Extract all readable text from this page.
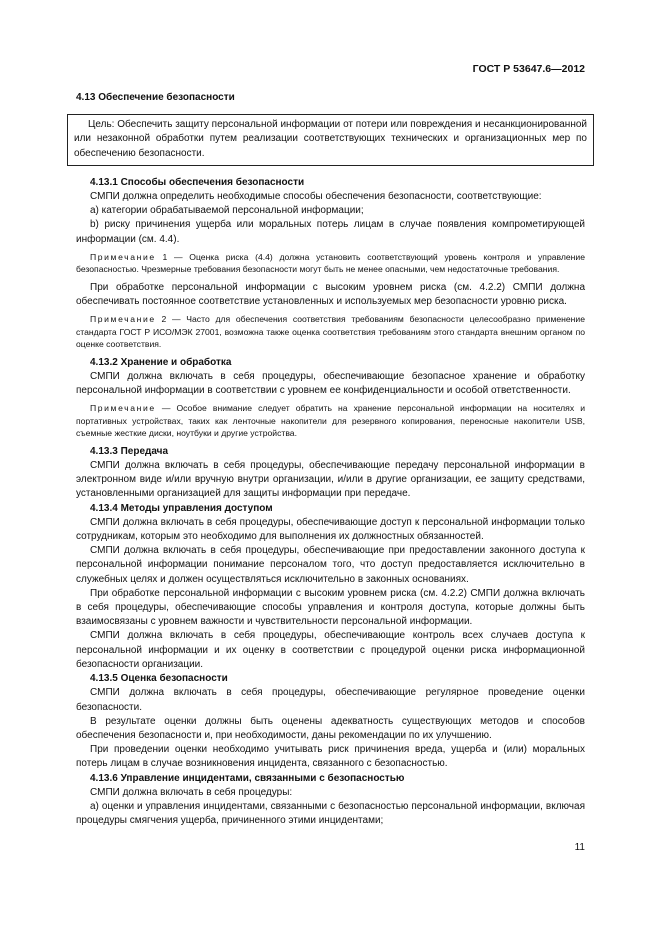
ГОСТ Р 53647.6—2012
4.13 Обеспечение безопасности
Цель: Обеспечить защиту персональной информации от потери или повреждения и несанкционированной или незаконной обработки путем реализации соответствующих технических и организационных мер по обеспечению безопасности.

4.13.1 Способы обеспечения безопасности

СМПИ должна определить необходимые способы обеспечения безопасности, соответствующие:

a) категории обрабатываемой персональной информации;

b) риску причинения ущерба или моральных потерь лицам в случае появления компрометирующей информации (см. 4.4).

Примечание 1 — Оценка риска (4.4) должна установить соответствующий уровень контроля и управление безопасностью. Чрезмерные требования безопасности могут быть не менее опасными, чем недостаточные требования.

При обработке персональной информации с высоким уровнем риска (см. 4.2.2) СМПИ должна обеспечивать постоянное соответствие установленных и используемых мер безопасности уровню риска.

Примечание 2 — Часто для обеспечения соответствия требованиям безопасности целесообразно применение стандарта ГОСТ Р ИСО/МЭК 27001, возможна также оценка соответствия требованиям этого стандарта внешним органом по оценке соответствия.

4.13.2 Хранение и обработка

СМПИ должна включать в себя процедуры, обеспечивающие безопасное хранение и обработку персональной информации в соответствии с уровнем ее конфиденциальности и особой ответственности.

Примечание — Особое внимание следует обратить на хранение персональной информации на носителях и портативных устройствах, таких как ленточные накопители для резервного копирования, переносные накопители USB, съемные жесткие диски, ноутбуки и другие устройства.

4.13.3 Передача

СМПИ должна включать в себя процедуры, обеспечивающие передачу персональной информации в электронном виде и/или вручную внутри организации, и/или в другие организации, ее защиту средствами, установленными организацией для защиты информации при передаче.

4.13.4 Методы управления доступом

СМПИ должна включать в себя процедуры, обеспечивающие доступ к персональной информации только сотрудникам, которым это необходимо для выполнения их должностных обязанностей.

СМПИ должна включать в себя процедуры, обеспечивающие при предоставлении законного доступа к персональной информации понимание персоналом того, что доступ предоставляется исключительно в служебных целях и должен осуществляться исключительно в законных основаниях.

При обработке персональной информации с высоким уровнем риска (см. 4.2.2) СМПИ должна включать в себя процедуры, обеспечивающие способы управления и контроля доступа, которые должны быть взаимосвязаны с уровнем важности и чувствительности персональной информации.

СМПИ должна включать в себя процедуры, обеспечивающие контроль всех случаев доступа к персональной информации и их оценку в соответствии с процедурой оценки риска информационной безопасности организации.

4.13.5 Оценка безопасности

СМПИ должна включать в себя процедуры, обеспечивающие регулярное проведение оценки безопасности.

В результате оценки должны быть оценены адекватность существующих методов и способов обеспечения безопасности и, при необходимости, даны рекомендации по их улучшению.

При проведении оценки необходимо учитывать риск причинения вреда, ущерба и (или) моральных потерь лицам в случае возникновения инцидента, связанного с безопасностью.

4.13.6 Управление инцидентами, связанными с безопасностью

СМПИ должна включать в себя процедуры:

а) оценки и управления инцидентами, связанными с безопасностью персональной информации, включая процедуры смягчения ущерба, причиненного этими инцидентами;

11
